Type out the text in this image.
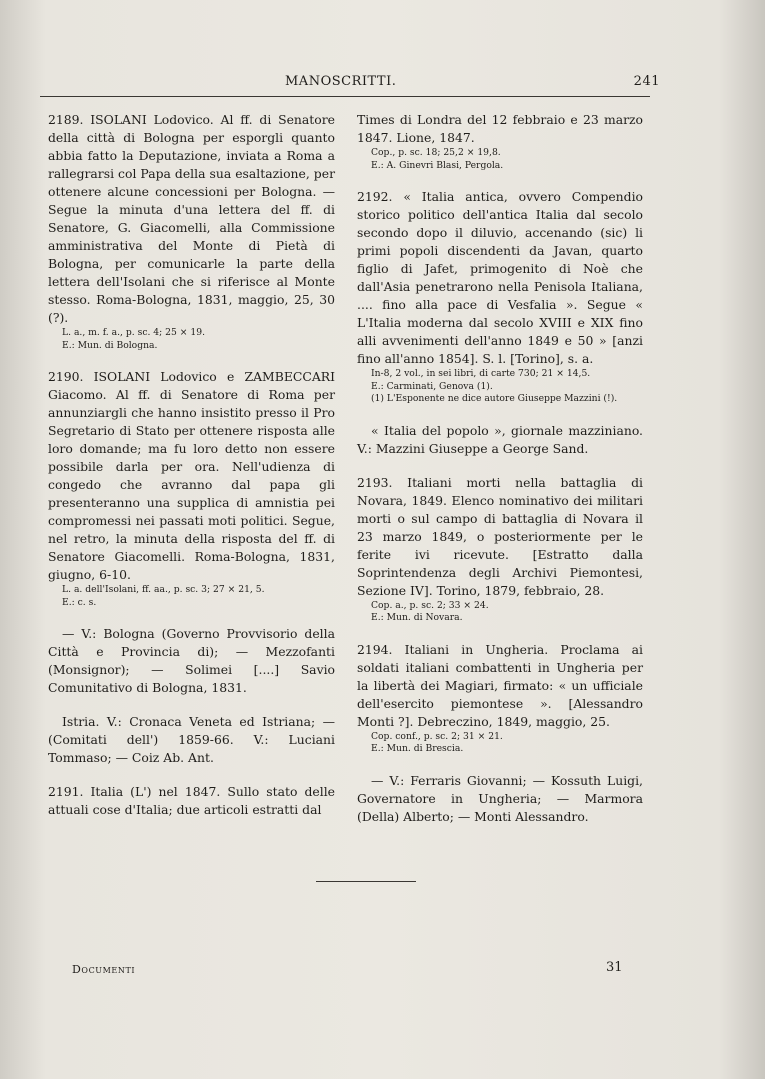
MANOSCRITTI.	241

2189. ISOLANI Lodovico. Al ff. di Senatore della città di Bologna per esporgli quanto abbia fatto la Deputazione, inviata a Roma a rallegrarsi col Papa della sua esaltazione, per ottenere alcune concessioni per Bologna. — Segue la minuta d'una lettera del ff. di Senatore, G. Giacomelli, alla Commissione amministrativa del Monte di Pietà di Bologna, per comunicarle la parte della lettera dell'Isolani che si riferisce al Monte stesso. Roma-Bologna, 1831, maggio, 25, 30 (?).

L. a., m. f. a., p. sc. 4; 25 × 19.
E.: Mun. di Bologna.

2190. ISOLANI Lodovico e ZAMBECCARI Giacomo. Al ff. di Senatore di Roma per annunziargli che hanno insistito presso il Pro Segretario di Stato per ottenere risposta alle loro domande; ma fu loro detto non essere possibile darla per ora. Nell'udienza di congedo che avranno dal papa gli presenteranno una supplica di amnistia pei compromessi nei passati moti politici. Segue, nel retro, la minuta della risposta del ff. di Senatore Giacomelli. Roma-Bologna, 1831, giugno, 6-10.

L. a. dell'Isolani, ff. aa., p. sc. 3; 27 × 21, 5.
E.: c. s.

— V.: Bologna (Governo Provvisorio della Città e Provincia di); — Mezzofanti (Monsignor); — Solimei [....] Savio Comunitativo di Bologna, 1831.

Istria. V.: Cronaca Veneta ed Istriana; — (Comitati dell') 1859-66. V.: Luciani Tommaso; — Coiz Ab. Ant.

2191. Italia (L') nel 1847. Sullo stato delle attuali cose d'Italia; due articoli estratti dal

Times di Londra del 12 febbraio e 23 marzo 1847. Lione, 1847.

Cop., p. sc. 18; 25,2 × 19,8.
E.: A. Ginevri Blasi, Pergola.

2192. « Italia antica, ovvero Compendio storico politico dell'antica Italia dal secolo secondo dopo il diluvio, accenando (sic) li primi popoli discendenti da Javan, quarto figlio di Jafet, primogenito di Noè che dall'Asia penetrarono nella Penisola Italiana, .... fino alla pace di Vesfalia ». Segue « L'Italia moderna dal secolo XVIII e XIX fino alli avvenimenti dell'anno 1849 e 50 » [anzi fino all'anno 1854]. S. l. [Torino], s. a.

In-8, 2 vol., in sei libri, di carte 730; 21 × 14,5.
E.: Carminati, Genova (1).
(1) L'Esponente ne dice autore Giuseppe Mazzini (!).

« Italia del popolo », giornale mazziniano. V.: Mazzini Giuseppe a George Sand.

2193. Italiani morti nella battaglia di Novara, 1849. Elenco nominativo dei militari morti o sul campo di battaglia di Novara il 23 marzo 1849, o posteriormente per le ferite ivi ricevute. [Estratto dalla Soprintendenza degli Archivi Piemontesi, Sezione IV]. Torino, 1879, febbraio, 28.

Cop. a., p. sc. 2; 33 × 24.
E.: Mun. di Novara.

2194. Italiani in Ungheria. Proclama ai soldati italiani combattenti in Ungheria per la libertà dei Magiari, firmato: « un ufficiale dell'esercito piemontese ». [Alessandro Monti ?]. Debreczino, 1849, maggio, 25.

Cop. conf., p. sc. 2; 31 × 21.
E.: Mun. di Brescia.

— V.: Ferraris Giovanni; — Kossuth Luigi, Governatore in Ungheria; — Marmora (Della) Alberto; — Monti Alessandro.

Documenti	31
